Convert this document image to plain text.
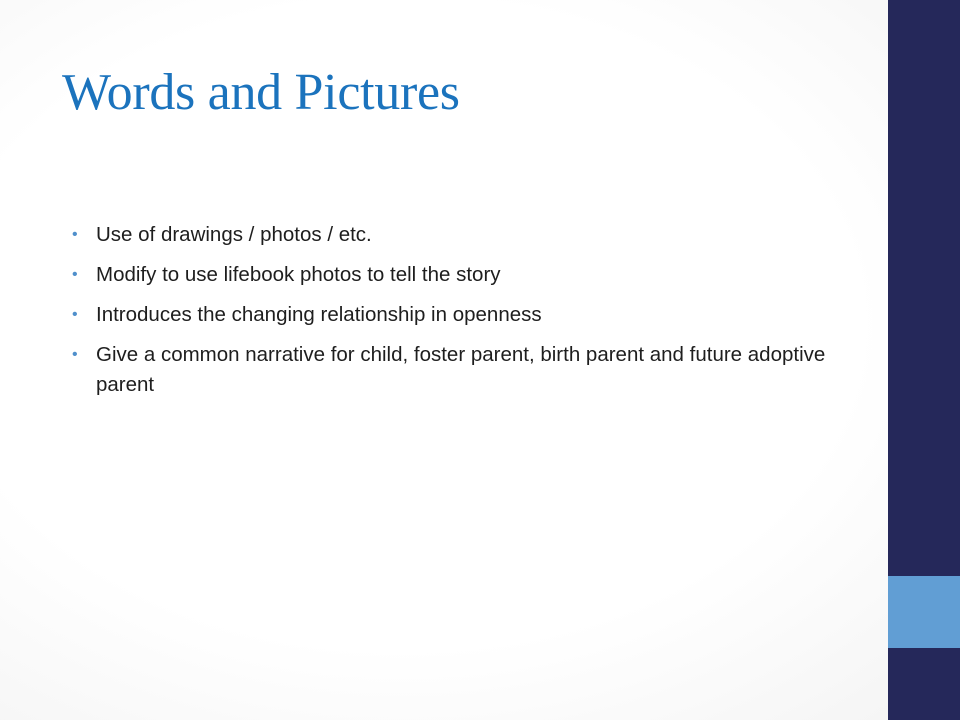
Words and Pictures
• Use of drawings / photos / etc.
• Modify to use lifebook photos to tell the story
• Introduces the changing relationship in openness
• Give a common narrative for child, foster parent, birth parent and future adoptive parent
